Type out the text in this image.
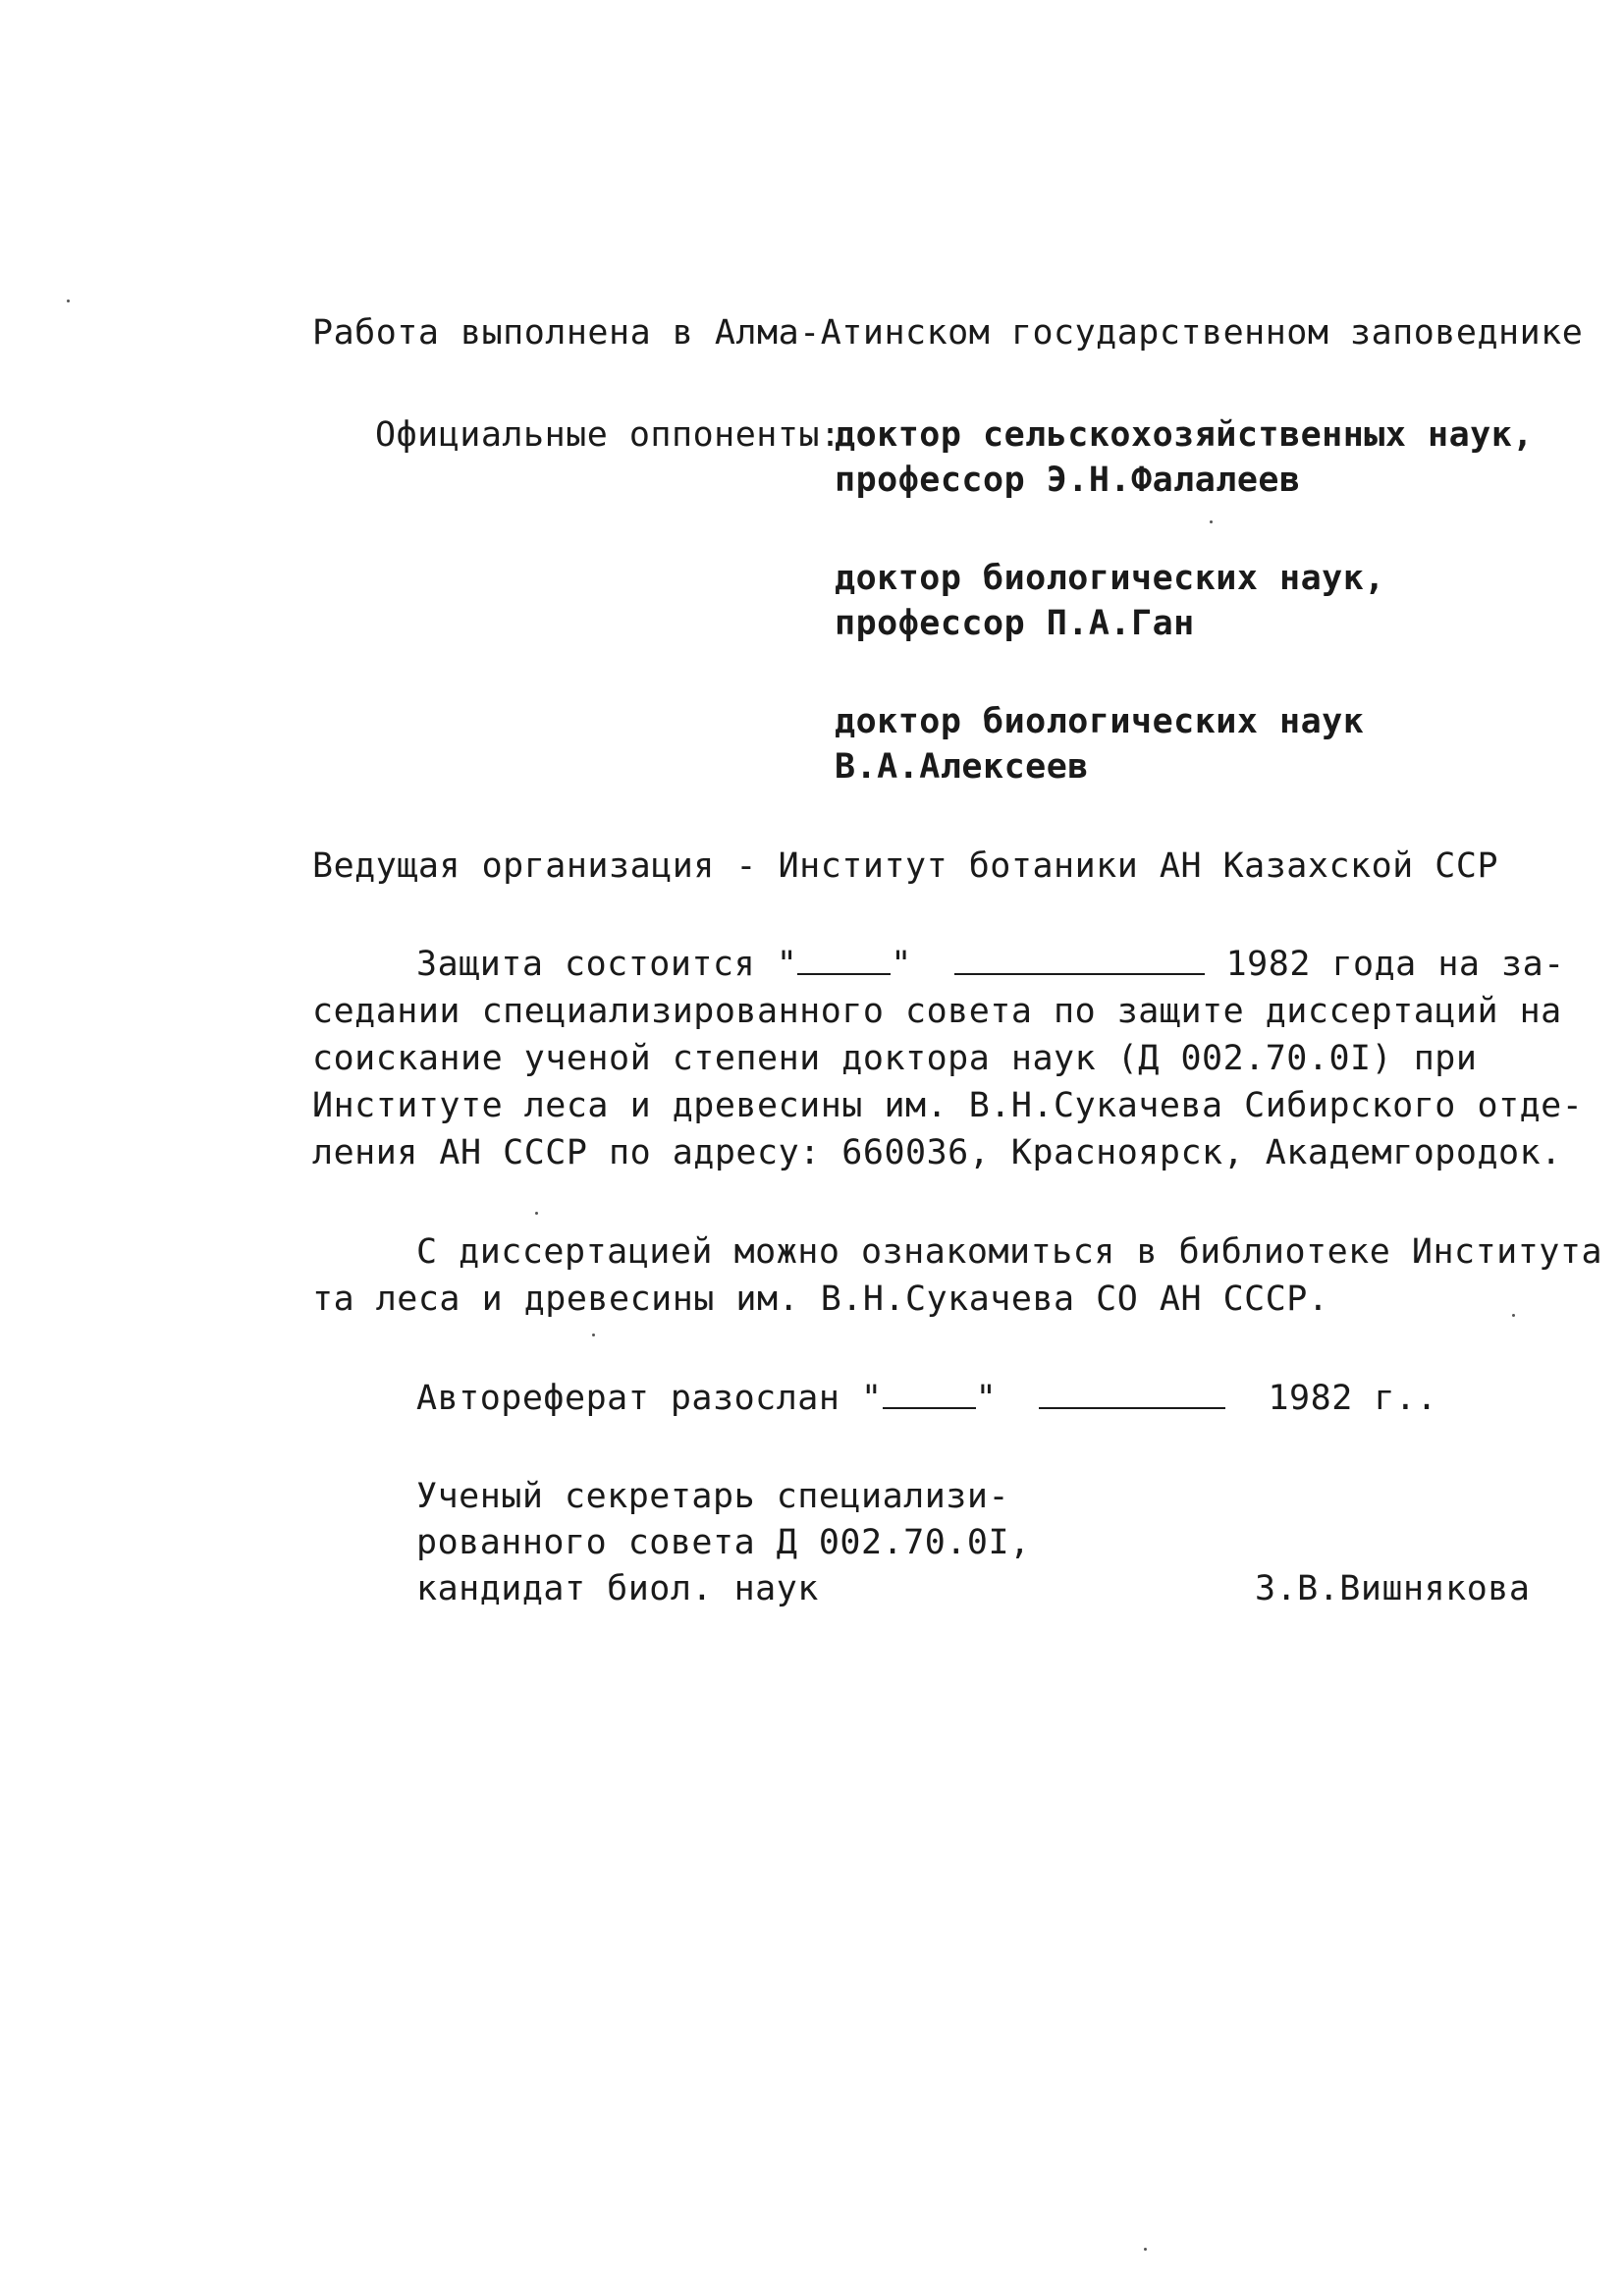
Работа выполнена в Алма-Атинском государственном заповеднике
Официальные оппоненты:
доктор сельскохозяйственных наук,
профессор Э.Н.Фалалеев
доктор биологических наук,
профессор П.А.Ган
доктор биологических наук
В.А.Алексеев
Ведущая организация - Институт ботаники АН Казахской ССР
Защита состоится "	"	1982 года на за-
седании специализированного совета по защите диссертаций на
соискание ученой степени доктора наук (Д 002.70.0I) при
Институте леса и древесины им. В.Н.Сукачева Сибирского отде-
ления АН СССР по адресу: 660036, Красноярск, Академгородок.
С диссертацией можно ознакомиться в библиотеке Института
та леса и древесины им. В.Н.Сукачева СО АН СССР.
Автореферат разослан "	"	1982 г..
Ученый секретарь специализи-
рованного совета Д 002.70.0I,
кандидат биол. наук	З.В.Вишнякова
